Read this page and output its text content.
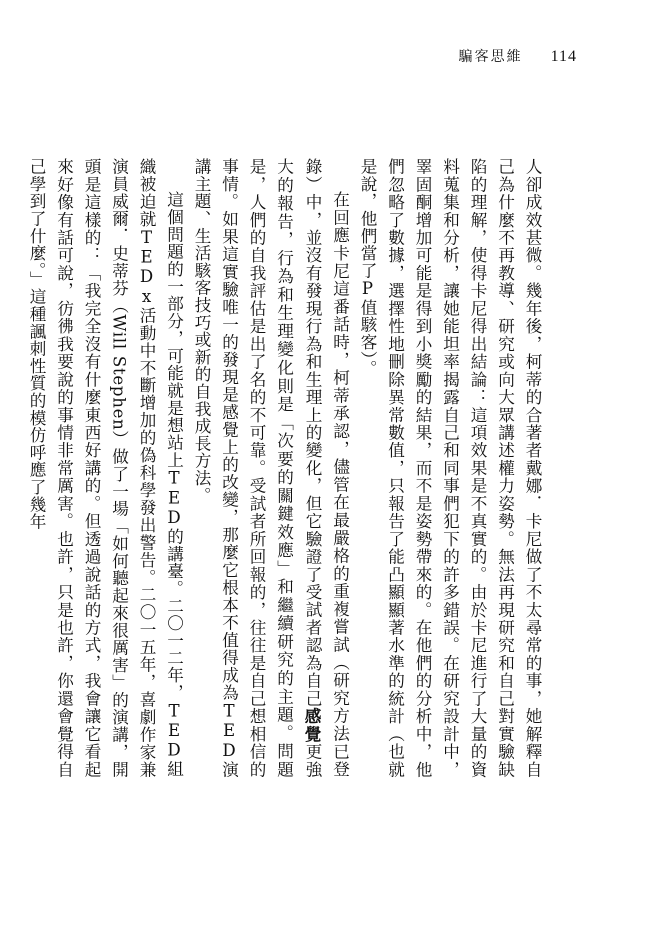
騙客思維 114

人卻成效甚微。幾年後，柯蒂的合著者戴娜．卡尼做了不太尋常的事，她解釋自己為什麼不再教導、研究或向大眾講述權力姿勢。無法再現研究和自己對實驗缺陷的理解，使得卡尼得出結論：這項效果是不真實的。由於卡尼進行了大量的資料蒐集和分析，讓她能坦率揭露自己和同事們犯下的許多錯誤。在研究設計中，睪固酮增加可能是得到小獎勵的結果，而不是姿勢帶來的。在他們的分析中，他們忽略了數據，選擇性地刪除異常數值，只報告了能凸顯顯著水準的統計（也就是說，他們當了P值駭客）。

在回應卡尼這番話時，柯蒂承認，儘管在最嚴格的重複嘗試（研究方法已登錄）中，並沒有發現行為和生理上的變化，但它驗證了受試者認為自己感覺更強大的報告，行為和生理變化則是「次要的關鍵效應」和繼續研究的主題。問題是，人們的自我評估是出了名的不可靠。受試者所回報的，往往是自己想相信的事情。如果這實驗唯一的發現是感覺上的改變，那麼它根本不值得成為TED演講主題、生活駭客技巧或新的自我成長方法。

這個問題的一部分，可能就是想站上TED的講臺。二〇一二年，TED組織被迫就TEDx活動中不斷增加的偽科學發出警告。二〇一五年，喜劇作家兼演員威爾．史蒂芬（Will Stephen）做了一場「如何聽起來很厲害」的演講，開頭是這樣的：「我完全沒有什麼東西好講的。但透過說話的方式，我會讓它看起來好像有話可說，彷彿我要說的事情非常厲害。也許，只是也許，你還會覺得自己學到了什麼。」這種諷刺性質的模仿呼應了幾年
